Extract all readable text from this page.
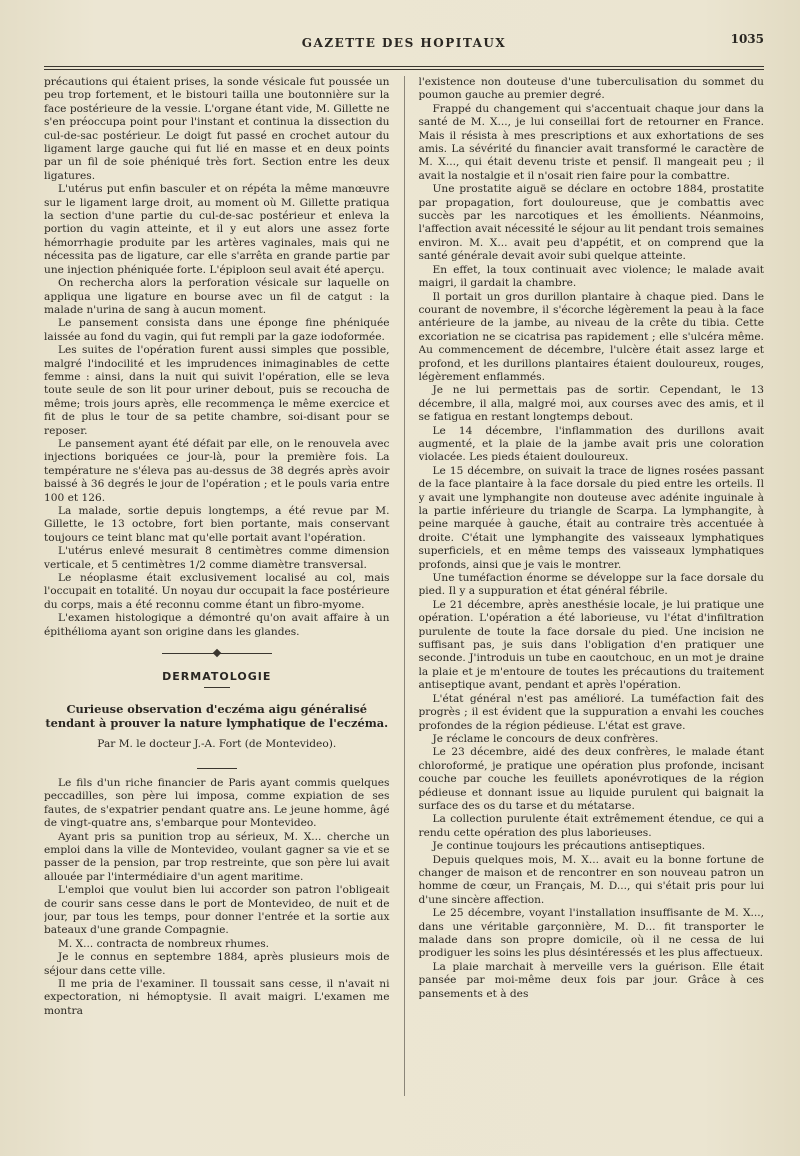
GAZETTE DES HOPITAUX	1035

précautions qui étaient prises, la sonde vésicale fut poussée un peu trop fortement, et le bistouri tailla une boutonnière sur la face postérieure de la vessie. L'organe étant vide, M. Gillette ne s'en préoccupa point pour l'instant et continua la dissection du cul-de-sac postérieur. Le doigt fut passé en crochet autour du ligament large gauche qui fut lié en masse et en deux points par un fil de soie phéniqué très fort. Section entre les deux ligatures.

L'utérus put enfin basculer et on répéta la même manœuvre sur le ligament large droit, au moment où M. Gillette pratiqua la section d'une partie du cul-de-sac postérieur et enleva la portion du vagin atteinte, et il y eut alors une assez forte hémorrhagie produite par les artères vaginales, mais qui ne nécessita pas de ligature, car elle s'arrêta en grande partie par une injection phéniquée forte. L'épiploon seul avait été aperçu.

On rechercha alors la perforation vésicale sur laquelle on appliqua une ligature en bourse avec un fil de catgut : la malade n'urina de sang à aucun moment.

Le pansement consista dans une éponge fine phéniquée laissée au fond du vagin, qui fut rempli par la gaze iodoformée.

Les suites de l'opération furent aussi simples que possible, malgré l'indocilité et les imprudences inimaginables de cette femme : ainsi, dans la nuit qui suivit l'opération, elle se leva toute seule de son lit pour uriner debout, puis se recoucha de même; trois jours après, elle recommença le même exercice et fit de plus le tour de sa petite chambre, soi-disant pour se reposer.

Le pansement ayant été défait par elle, on le renouvela avec injections boriquées ce jour-là, pour la première fois. La température ne s'éleva pas au-dessus de 38 degrés après avoir baissé à 36 degrés le jour de l'opération ; et le pouls varia entre 100 et 126.

La malade, sortie depuis longtemps, a été revue par M. Gillette, le 13 octobre, fort bien portante, mais conservant toujours ce teint blanc mat qu'elle portait avant l'opération.

L'utérus enlevé mesurait 8 centimètres comme dimension verticale, et 5 centimètres 1/2 comme diamètre transversal.

Le néoplasme était exclusivement localisé au col, mais l'occupait en totalité. Un noyau dur occupait la face postérieure du corps, mais a été reconnu comme étant un fibro-myome.

L'examen histologique a démontré qu'on avait affaire à un épithélioma ayant son origine dans les glandes.

DERMATOLOGIE
Curieuse observation d'eczéma aigu généralisé tendant à prouver la nature lymphatique de l'eczéma.
Par M. le docteur J.-A. Fort (de Montevideo).

Le fils d'un riche financier de Paris ayant commis quelques peccadilles, son père lui imposa, comme expiation de ses fautes, de s'expatrier pendant quatre ans. Le jeune homme, âgé de vingt-quatre ans, s'embarque pour Montevideo.

Ayant pris sa punition trop au sérieux, M. X... cherche un emploi dans la ville de Montevideo, voulant gagner sa vie et se passer de la pension, par trop restreinte, que son père lui avait allouée par l'intermédiaire d'un agent maritime.

L'emploi que voulut bien lui accorder son patron l'obligeait de courir sans cesse dans le port de Montevideo, de nuit et de jour, par tous les temps, pour donner l'entrée et la sortie aux bateaux d'une grande Compagnie.

M. X... contracta de nombreux rhumes.

Je le connus en septembre 1884, après plusieurs mois de séjour dans cette ville.

Il me pria de l'examiner. Il toussait sans cesse, il n'avait ni expectoration, ni hémoptysie. Il avait maigri. L'examen me montra

l'existence non douteuse d'une tuberculisation du sommet du poumon gauche au premier degré.

Frappé du changement qui s'accentuait chaque jour dans la santé de M. X..., je lui conseillai fort de retourner en France. Mais il résista à mes prescriptions et aux exhortations de ses amis. La sévérité du financier avait transformé le caractère de M. X..., qui était devenu triste et pensif. Il mangeait peu ; il avait la nostalgie et il n'osait rien faire pour la combattre.

Une prostatite aiguë se déclare en octobre 1884, prostatite par propagation, fort douloureuse, que je combattis avec succès par les narcotiques et les émollients. Néanmoins, l'affection avait nécessité le séjour au lit pendant trois semaines environ. M. X... avait peu d'appétit, et on comprend que la santé générale devait avoir subi quelque atteinte.

En effet, la toux continuait avec violence; le malade avait maigri, il gardait la chambre.

Il portait un gros durillon plantaire à chaque pied. Dans le courant de novembre, il s'écorche légèrement la peau à la face antérieure de la jambe, au niveau de la crête du tibia. Cette excoriation ne se cicatrisa pas rapidement ; elle s'ulcéra même. Au commencement de décembre, l'ulcère était assez large et profond, et les durillons plantaires étaient douloureux, rouges, légèrement enflammés.

Je ne lui permettais pas de sortir. Cependant, le 13 décembre, il alla, malgré moi, aux courses avec des amis, et il se fatigua en restant longtemps debout.

Le 14 décembre, l'inflammation des durillons avait augmenté, et la plaie de la jambe avait pris une coloration violacée. Les pieds étaient douloureux.

Le 15 décembre, on suivait la trace de lignes rosées passant de la face plantaire à la face dorsale du pied entre les orteils. Il y avait une lymphangite non douteuse avec adénite inguinale à la partie inférieure du triangle de Scarpa. La lymphangite, à peine marquée à gauche, était au contraire très accentuée à droite. C'était une lymphangite des vaisseaux lymphatiques superficiels, et en même temps des vaisseaux lymphatiques profonds, ainsi que je vais le montrer.

Une tuméfaction énorme se développe sur la face dorsale du pied. Il y a suppuration et état général fébrile.

Le 21 décembre, après anesthésie locale, je lui pratique une opération. L'opération a été laborieuse, vu l'état d'infiltration purulente de toute la face dorsale du pied. Une incision ne suffisant pas, je suis dans l'obligation d'en pratiquer une seconde. J'introduis un tube en caoutchouc, en un mot je draine la plaie et je m'entoure de toutes les précautions du traitement antiseptique avant, pendant et après l'opération.

L'état général n'est pas amélioré. La tuméfaction fait des progrès ; il est évident que la suppuration a envahi les couches profondes de la région pédieuse. L'état est grave.

Je réclame le concours de deux confrères.

Le 23 décembre, aidé des deux confrères, le malade étant chloroformé, je pratique une opération plus profonde, incisant couche par couche les feuillets aponévrotiques de la région pédieuse et donnant issue au liquide purulent qui baignait la surface des os du tarse et du métatarse.

La collection purulente était extrêmement étendue, ce qui a rendu cette opération des plus laborieuses.

Je continue toujours les précautions antiseptiques.

Depuis quelques mois, M. X... avait eu la bonne fortune de changer de maison et de rencontrer en son nouveau patron un homme de cœur, un Français, M. D..., qui s'était pris pour lui d'une sincère affection.

Le 25 décembre, voyant l'installation insuffisante de M. X..., dans une véritable garçonnière, M. D... fit transporter le malade dans son propre domicile, où il ne cessa de lui prodiguer les soins les plus désintéressés et les plus affectueux.

La plaie marchait à merveille vers la guérison. Elle était pansée par moi-même deux fois par jour. Grâce à ces pansements et à des
